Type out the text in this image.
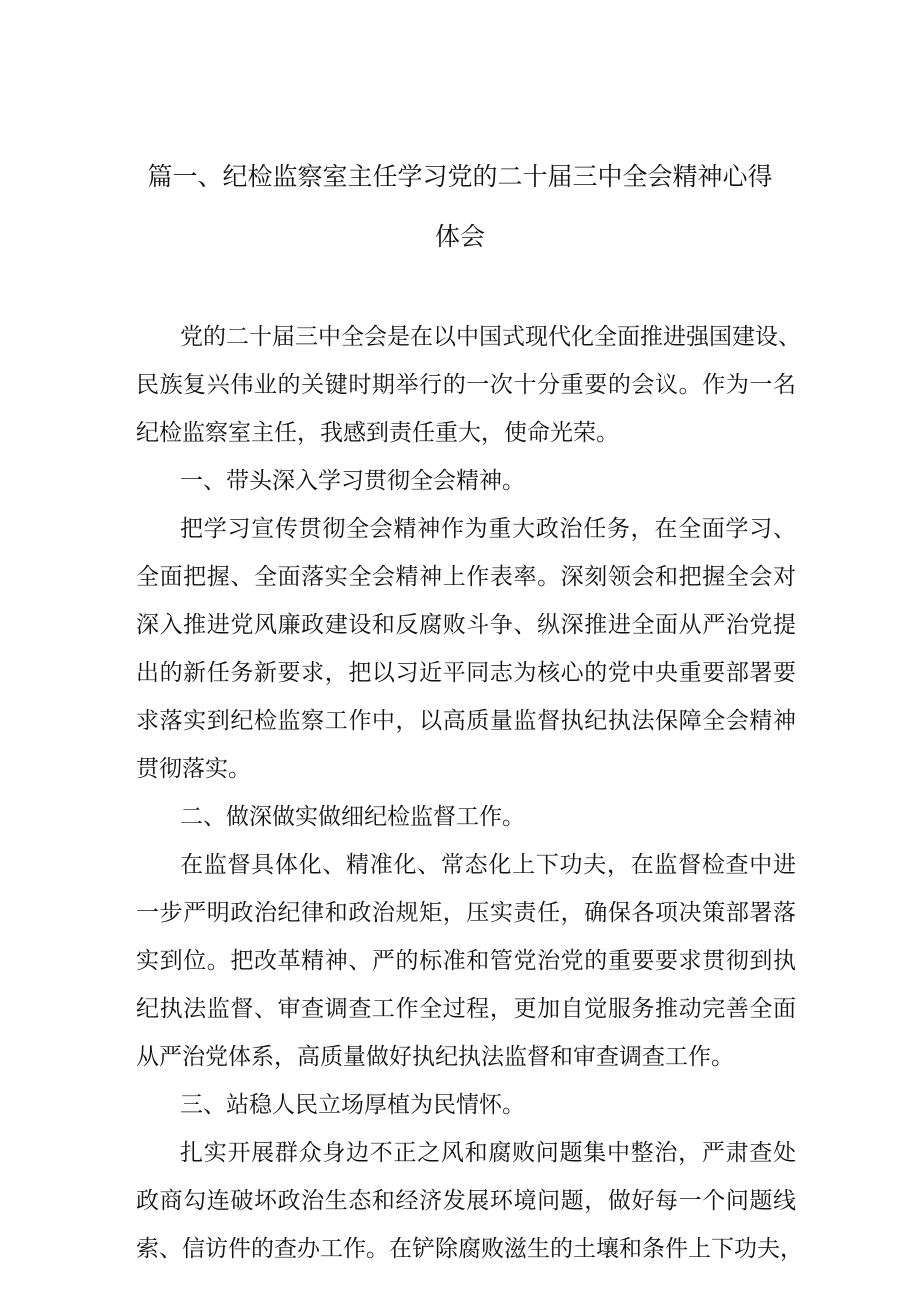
篇一、纪检监察室主任学习党的二十届三中全会精神心得
体会
党的二十届三中全会是在以中国式现代化全面推进强国建设、
民族复兴伟业的关键时期举行的一次十分重要的会议。作为一名
纪检监察室主任，我感到责任重大，使命光荣。
一、带头深入学习贯彻全会精神。
把学习宣传贯彻全会精神作为重大政治任务，在全面学习、
全面把握、全面落实全会精神上作表率。深刻领会和把握全会对
深入推进党风廉政建设和反腐败斗争、纵深推进全面从严治党提
出的新任务新要求，把以习近平同志为核心的党中央重要部署要
求落实到纪检监察工作中，以高质量监督执纪执法保障全会精神
贯彻落实。
二、做深做实做细纪检监督工作。
在监督具体化、精准化、常态化上下功夫，在监督检查中进
一步严明政治纪律和政治规矩，压实责任，确保各项决策部署落
实到位。把改革精神、严的标准和管党治党的重要要求贯彻到执
纪执法监督、审查调查工作全过程，更加自觉服务推动完善全面
从严治党体系，高质量做好执纪执法监督和审查调查工作。
三、站稳人民立场厚植为民情怀。
扎实开展群众身边不正之风和腐败问题集中整治，严肃查处
政商勾连破坏政治生态和经济发展环境问题，做好每一个问题线
索、信访件的查办工作。在铲除腐败滋生的土壤和条件上下功夫，
